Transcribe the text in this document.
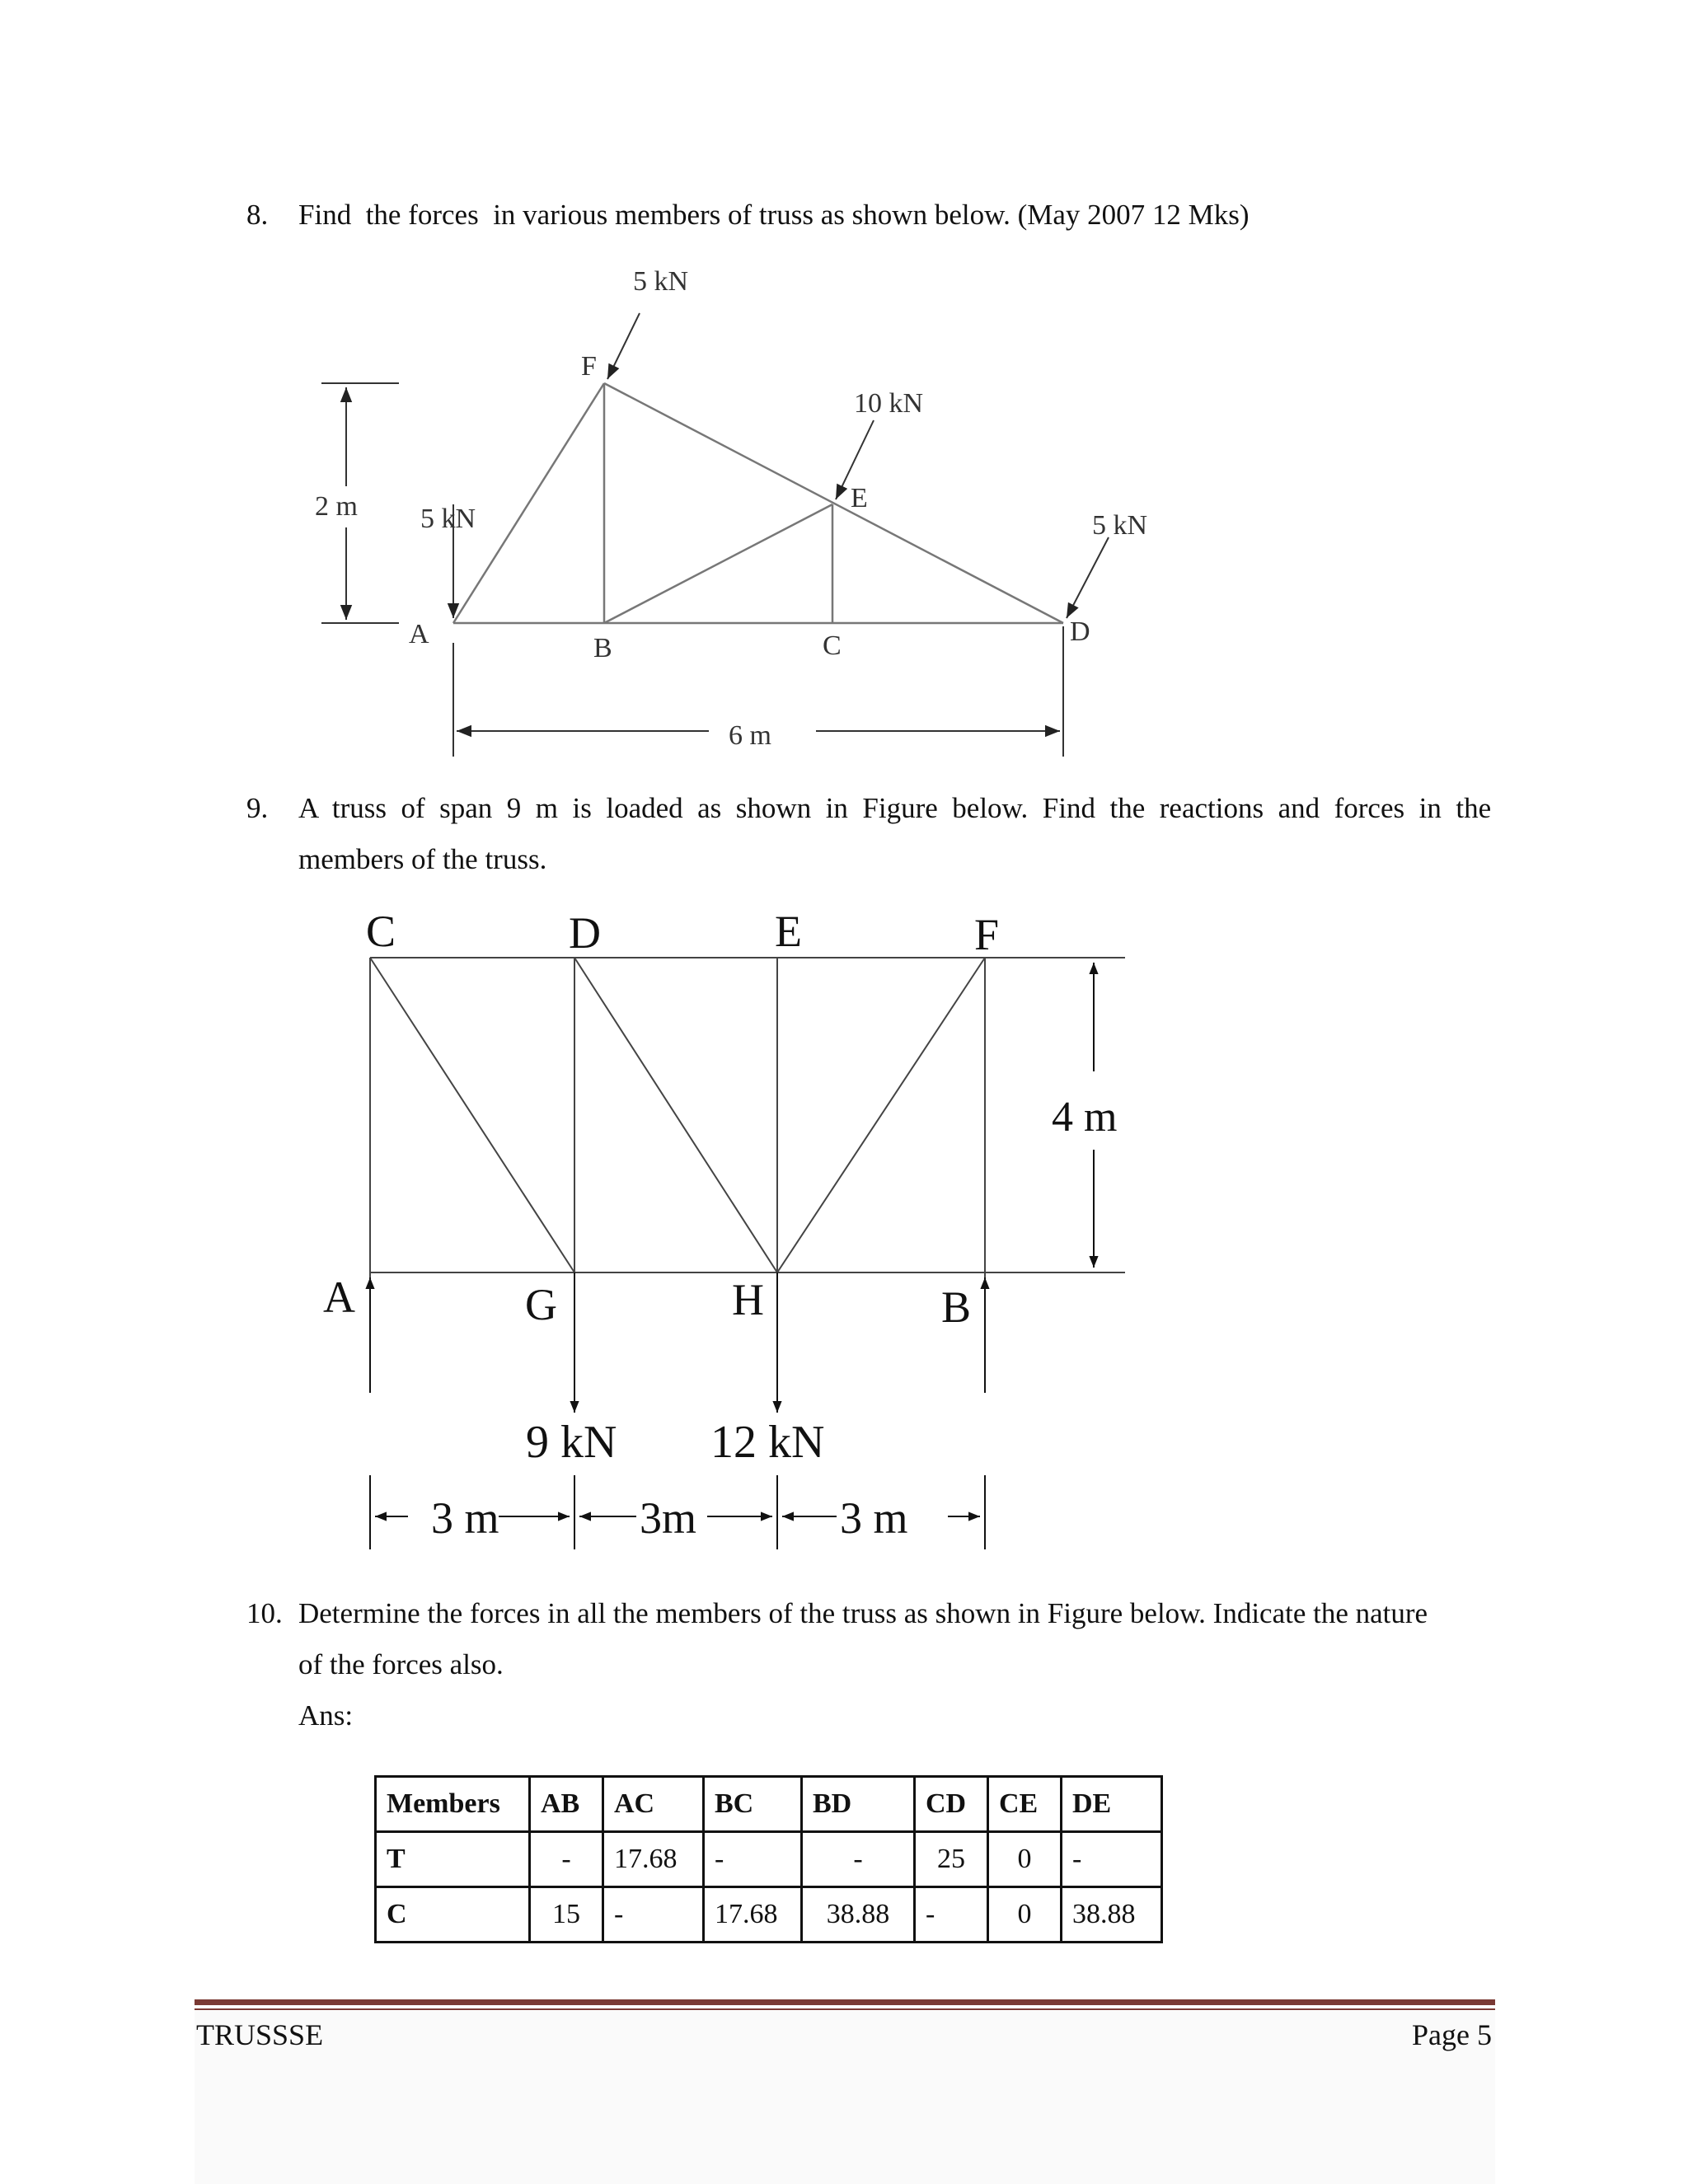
8. Find  the forces  in various members of truss as shown below. (May 2007 12 Mks)
2 m
6 m
5 kN
10 kN
5 kN	5 kN
F
E
A	B	C	D
9. A  truss  of  span  9  m  is  loaded  as  shown  in  Figure  below.  Find  the  reactions  and  forces  in  the
members of the truss.
4 m
9 kN 12 kN
C	D	E	F
A	G	H	B
3 m	3m	3 m
10. Determine the forces in all the members of the truss as shown in Figure below. Indicate the nature
of the forces also.
Ans:
Members	AB	AC	BC	BD	CD	CE	DE
T	-	17.68	-	-	25	0	-
C	15	-	17.68	38.88	-	0	38.88
TRUSSSE	Page 5
